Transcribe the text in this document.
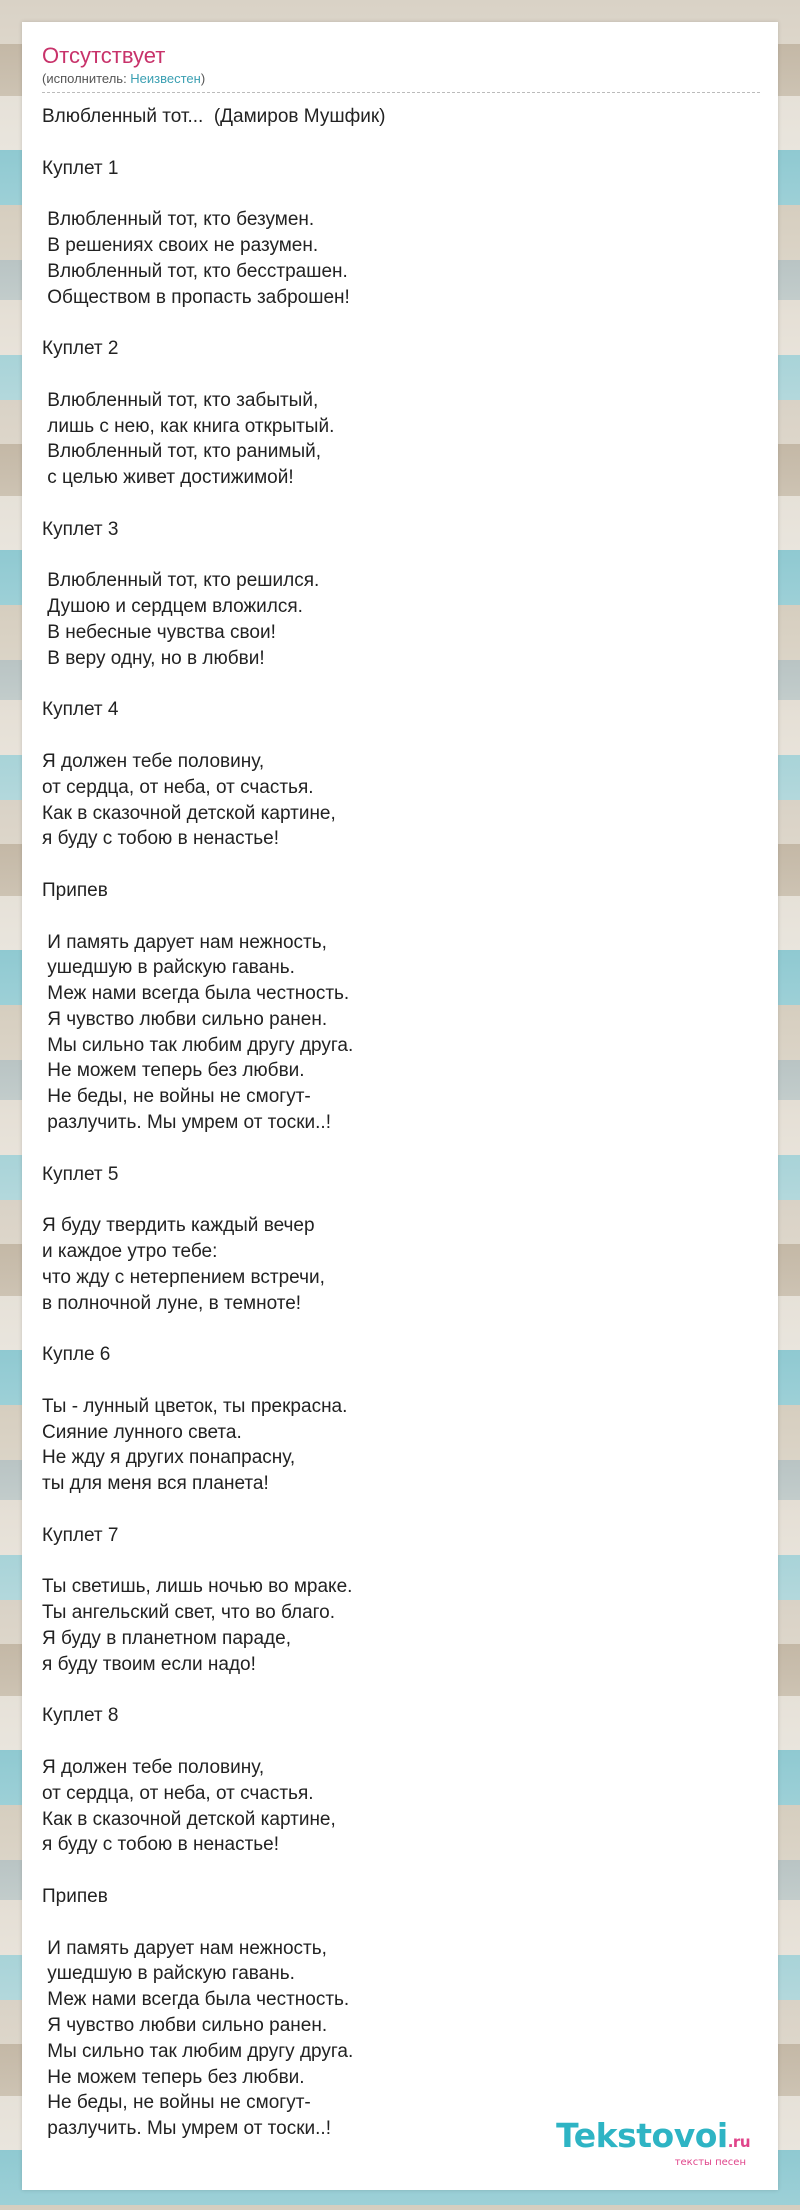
Отсутствует
(исполнитель: Неизвестен)
Влюбленный тот...  (Дамиров Мушфик)

Куплет 1

Влюбленный тот, кто безумен.
В решениях своих не разумен.
Влюбленный тот, кто бесстрашен.
Обществом в пропасть заброшен!

Куплет 2

Влюбленный тот, кто забытый,
лишь с нею, как книга открытый.
Влюбленный тот, кто ранимый,
с целью живет достижимой!

Куплет 3

Влюбленный тот, кто решился.
Душою и сердцем вложился.
В небесные чувства свои!
В веру одну, но в любви!

Куплет 4

Я должен тебе половину,
от сердца, от неба, от счастья.
Как в сказочной детской картине,
я буду с тобою в ненастье!

Припев

И память дарует нам нежность,
ушедшую в райскую гавань.
Меж нами всегда была честность.
Я чувство любви сильно ранен.
Мы сильно так любим другу друга.
Не можем теперь без любви.
Не беды, не войны не смогут-
разлучить. Мы умрем от тоски..!

Куплет 5

Я буду твердить каждый вечер
и каждое утро тебе:
что жду с нетерпением встречи,
в полночной луне, в темноте!

Купле 6

Ты - лунный цветок, ты прекрасна.
Сияние лунного света.
Не жду я других понапрасну,
ты для меня вся планета!

Куплет 7

Ты светишь, лишь ночью во мраке.
Ты ангельский свет, что во благо.
Я буду в планетном параде,
я буду твоим если надо!

Куплет 8

Я должен тебе половину,
от сердца, от неба, от счастья.
Как в сказочной детской картине,
я буду с тобою в ненастье!

Припев

И память дарует нам нежность,
ушедшую в райскую гавань.
Меж нами всегда была честность.
Я чувство любви сильно ранен.
Мы сильно так любим другу друга.
Не можем теперь без любви.
Не беды, не войны не смогут-
разлучить. Мы умрем от тоски..!	Tekstovoi.ru
тексты песен
